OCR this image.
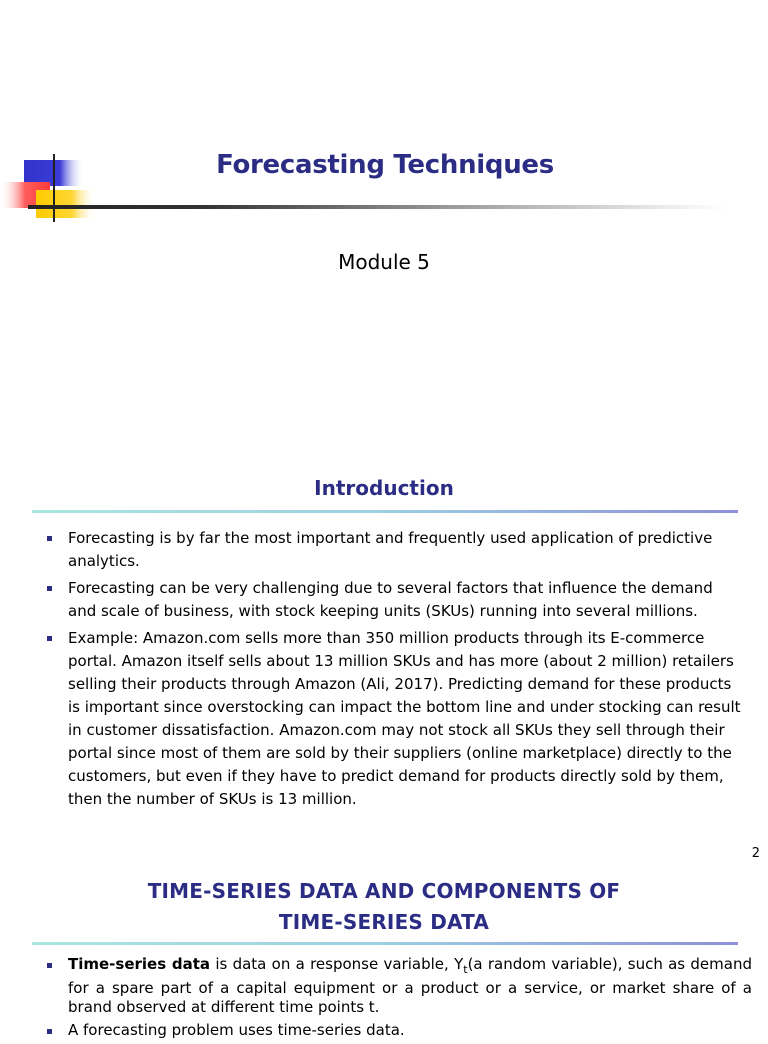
Forecasting Techniques
Module 5
Introduction
Forecasting is by far the most important and frequently used application of predictive analytics.
Forecasting can be very challenging due to several factors that influence the demand and scale of business, with stock keeping units (SKUs) running into several millions.
Example: Amazon.com sells more than 350 million products through its E-commerce portal. Amazon itself sells about 13 million SKUs and has more (about 2 million) retailers selling their products through Amazon (Ali, 2017). Predicting demand for these products is important since overstocking can impact the bottom line and under stocking can result in customer dissatisfaction. Amazon.com may not stock all SKUs they sell through their portal since most of them are sold by their suppliers (online marketplace) directly to the customers, but even if they have to predict demand for products directly sold by them, then the number of SKUs is 13 million.
2
TIME-SERIES DATA AND COMPONENTS OF
TIME-SERIES DATA
Time-series data is data on a response variable, $Y_t(a$ random variable), such as demand for a spare part of a capital equipment or a product or a service, or market share of a brand observed at different time points t.
A forecasting problem uses time-series data.
